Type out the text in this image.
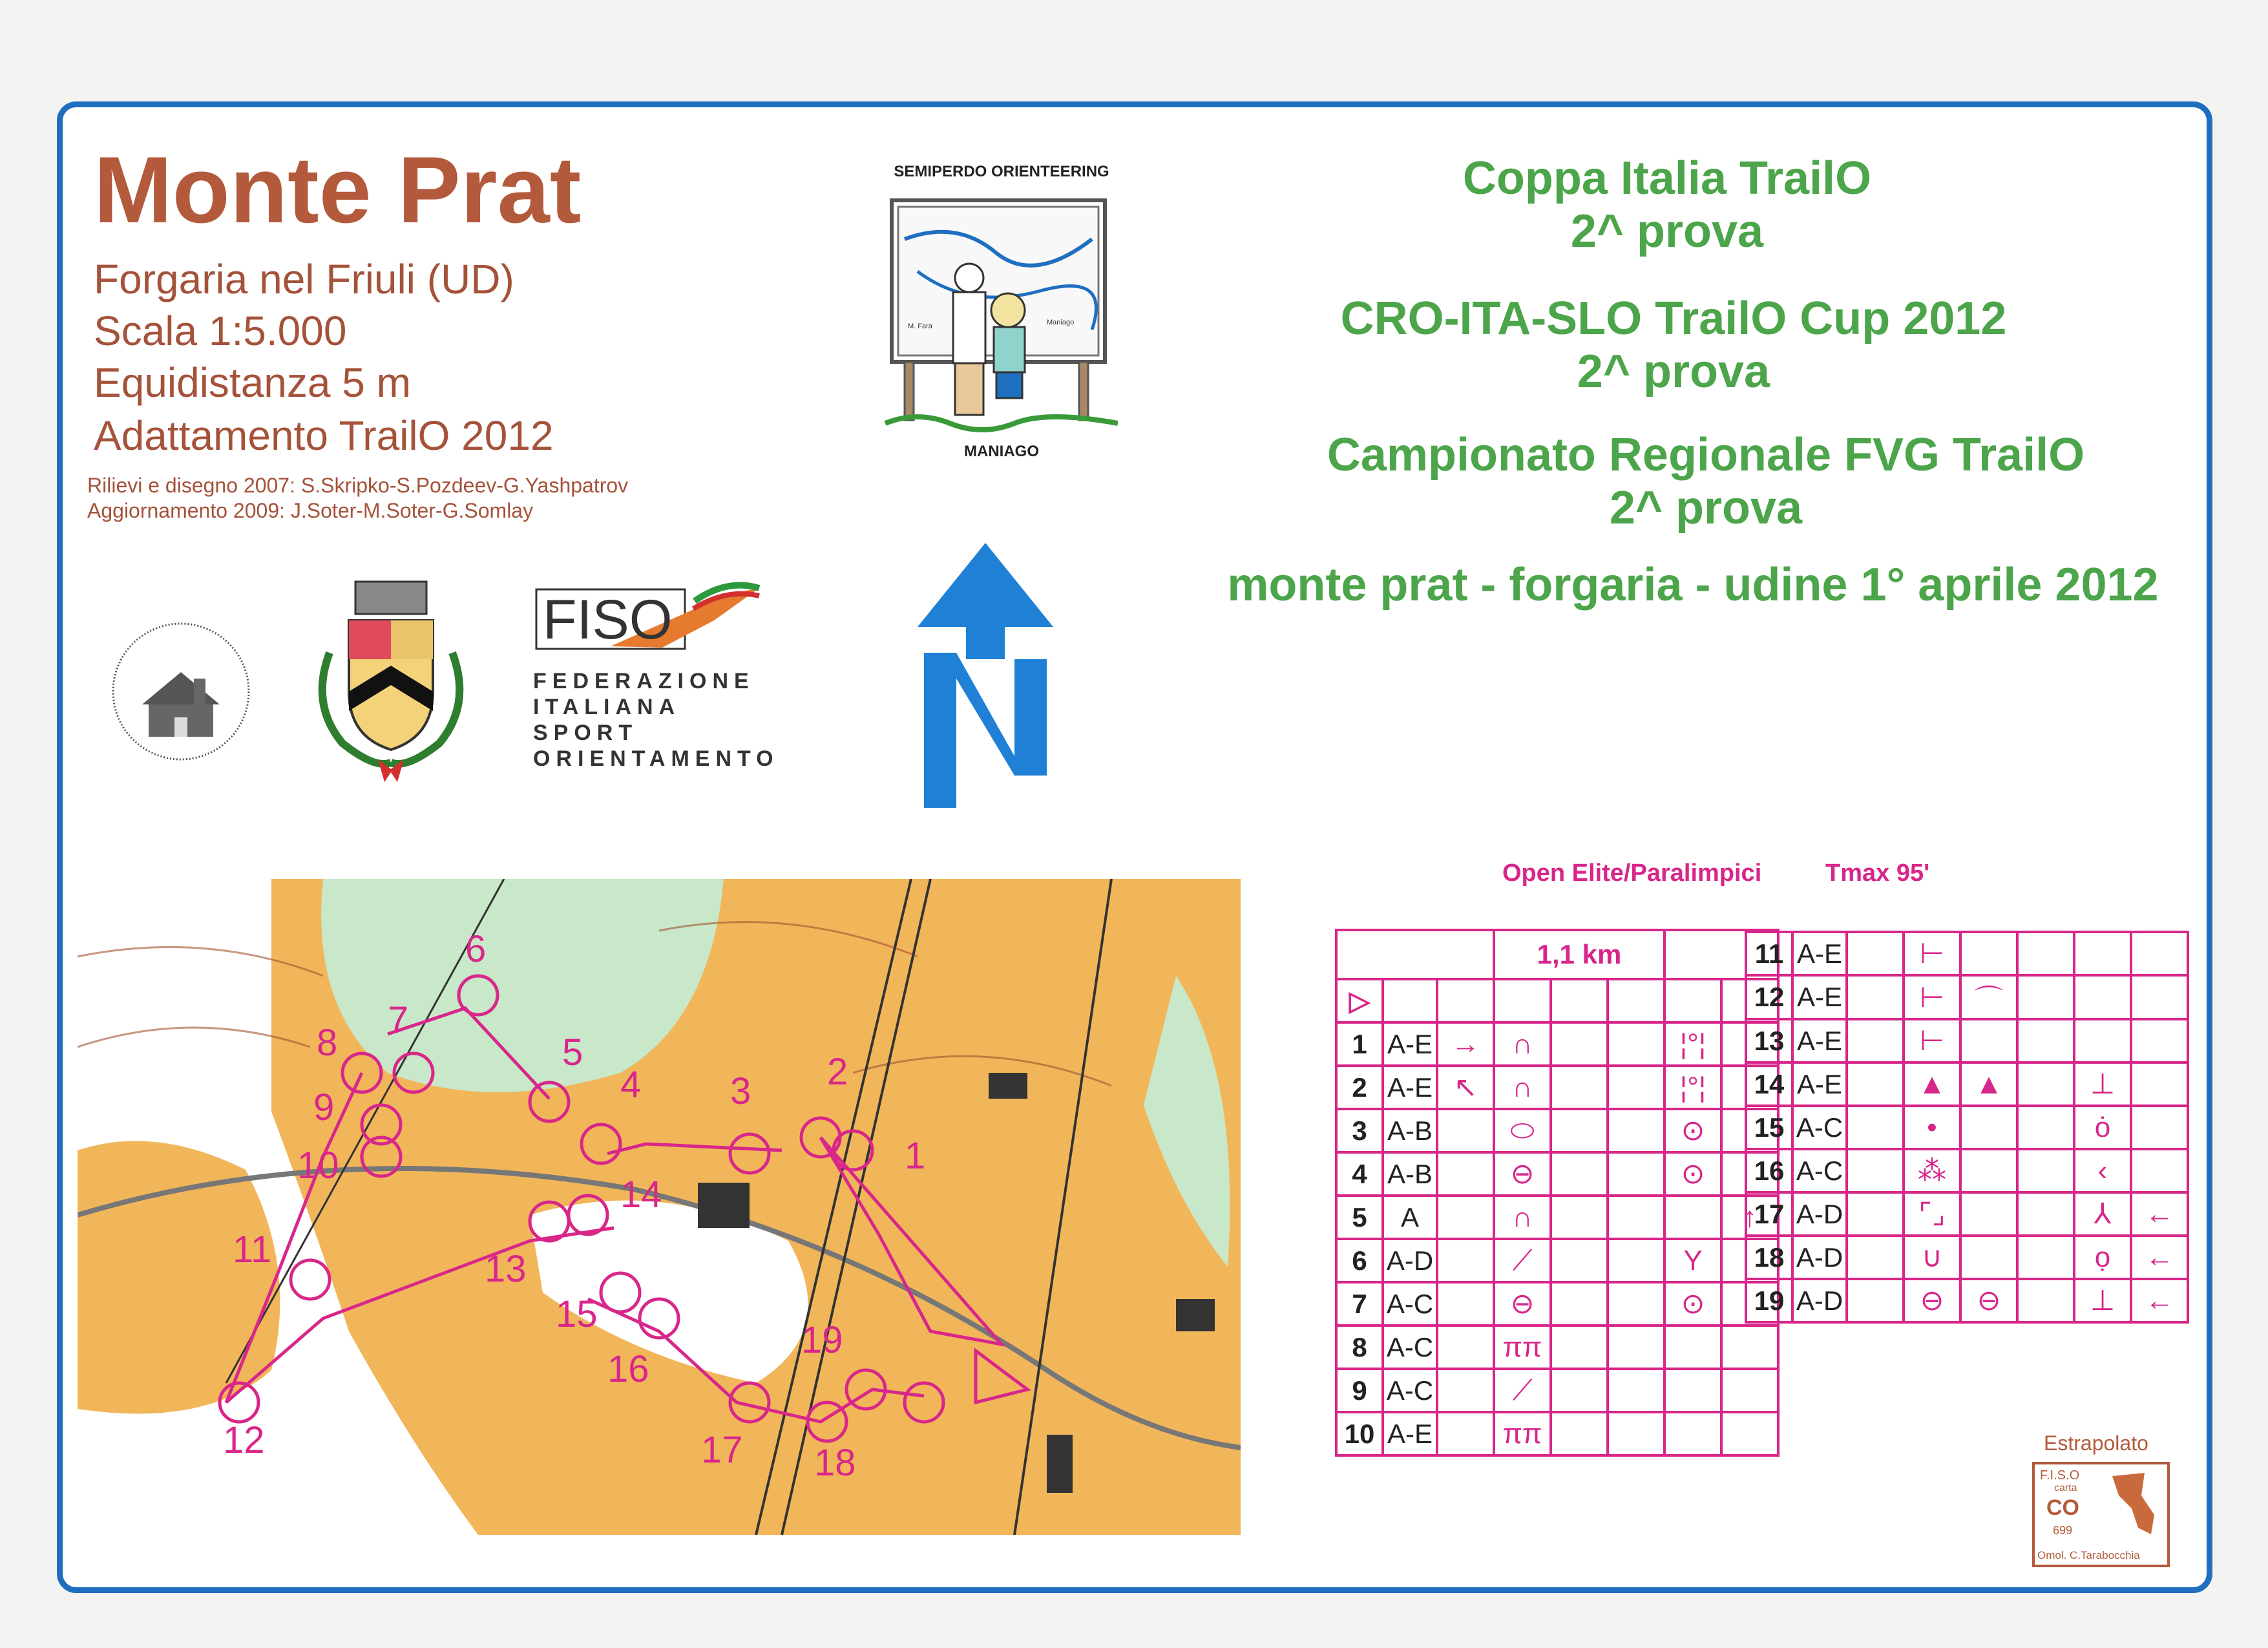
Monte Prat
Forgaria nel Friuli (UD)
Scala 1:5.000
Equidistanza 5 m
Adattamento TrailO 2012
Rilievi e disegno 2007: S.Skripko-S.Pozdeev-G.Yashpatrov
Aggiornamento 2009: J.Soter-M.Soter-G.Somlay
SEMIPERDO ORIENTEERING
M. Fara	Maniago
MANIAGO
Coppa Italia TrailO
2^ prova
CRO-ITA-SLO TrailO Cup 2012
2^ prova
Campionato Regionale FVG TrailO
2^ prova
monte prat - forgaria - udine 1° aprile 2012
FISO
FEDERAZIONE
ITALIANA
SPORT
ORIENTAMENTO
1
2
3
4
5
6
7
8
9
10
11
12
13
14
15
16
17 18
19
Open Elite/Paralimpici	Tmax 95'
			1,1 km				
▷							
1	A-E	→	∩			¦°¦	
2	A-E	↖	∩			¦°¦	
3	A-B		⬭			⊙	
4	A-B		⊖			⊙	
5	A		∩				↑
6	A-D		⟋			Y	
7	A-C		⊖			⊙	
8	A-C		ππ				
9	A-C		⟋				
10	A-E		ππ				
11	A-E		⊢				
12	A-E		⊢	⌒			
13	A-E		⊢				
14	A-E		▲	▲		⊥	
15	A-C		•			ȯ	
16	A-C		⁂			‹	
17	A-D		⌜⌟			⅄	←
18	A-D		∪			ọ	←
19	A-D		⊖	⊖		⊥	←
Estrapolato
F.I.S.O
carta
CO
699
Omol. C.Tarabocchia
